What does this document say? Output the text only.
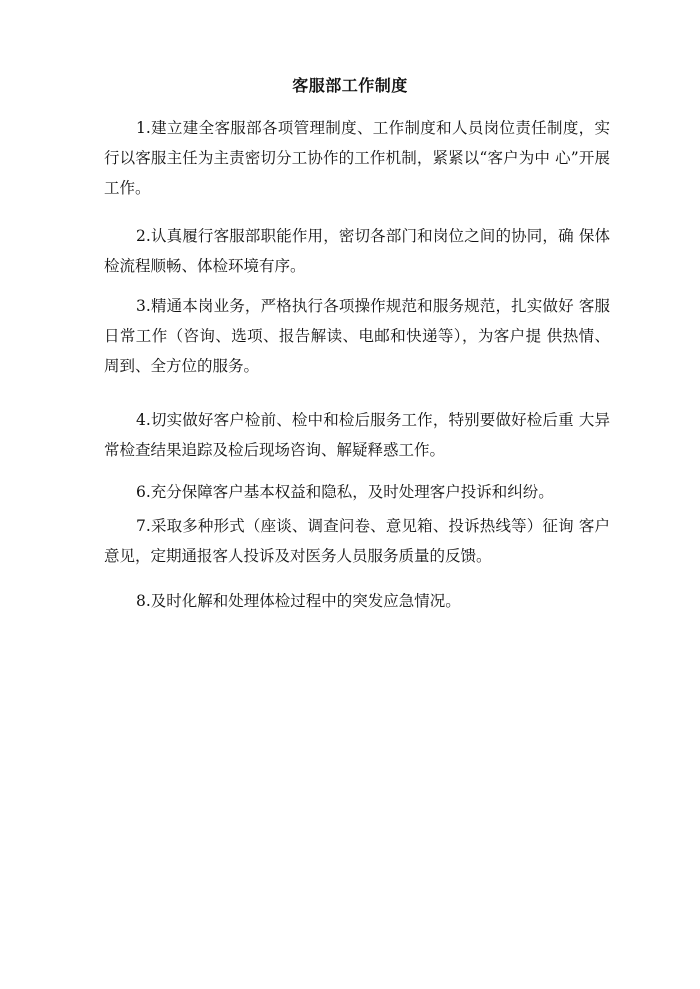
客服部工作制度

1.建立建全客服部各项管理制度、工作制度和人员岗位责任制度，实行以客服主任为主责密切分工协作的工作机制，紧紧以“客户为中 心”开展工作。

2.认真履行客服部职能作用，密切各部门和岗位之间的协同，确 保体检流程顺畅、体检环境有序。

3.精通本岗业务，严格执行各项操作规范和服务规范，扎实做好 客服日常工作（咨询、选项、报告解读、电邮和快递等），为客户提 供热情、周到、全方位的服务。

4.切实做好客户检前、检中和检后服务工作，特别要做好检后重 大异常检查结果追踪及检后现场咨询、解疑释惑工作。

6.充分保障客户基本权益和隐私，及时处理客户投诉和纠纷。

7.采取多种形式（座谈、调查问卷、意见箱、投诉热线等）征询 客户意见，定期通报客人投诉及对医务人员服务质量的反馈。

8.及时化解和处理体检过程中的突发应急情况。
